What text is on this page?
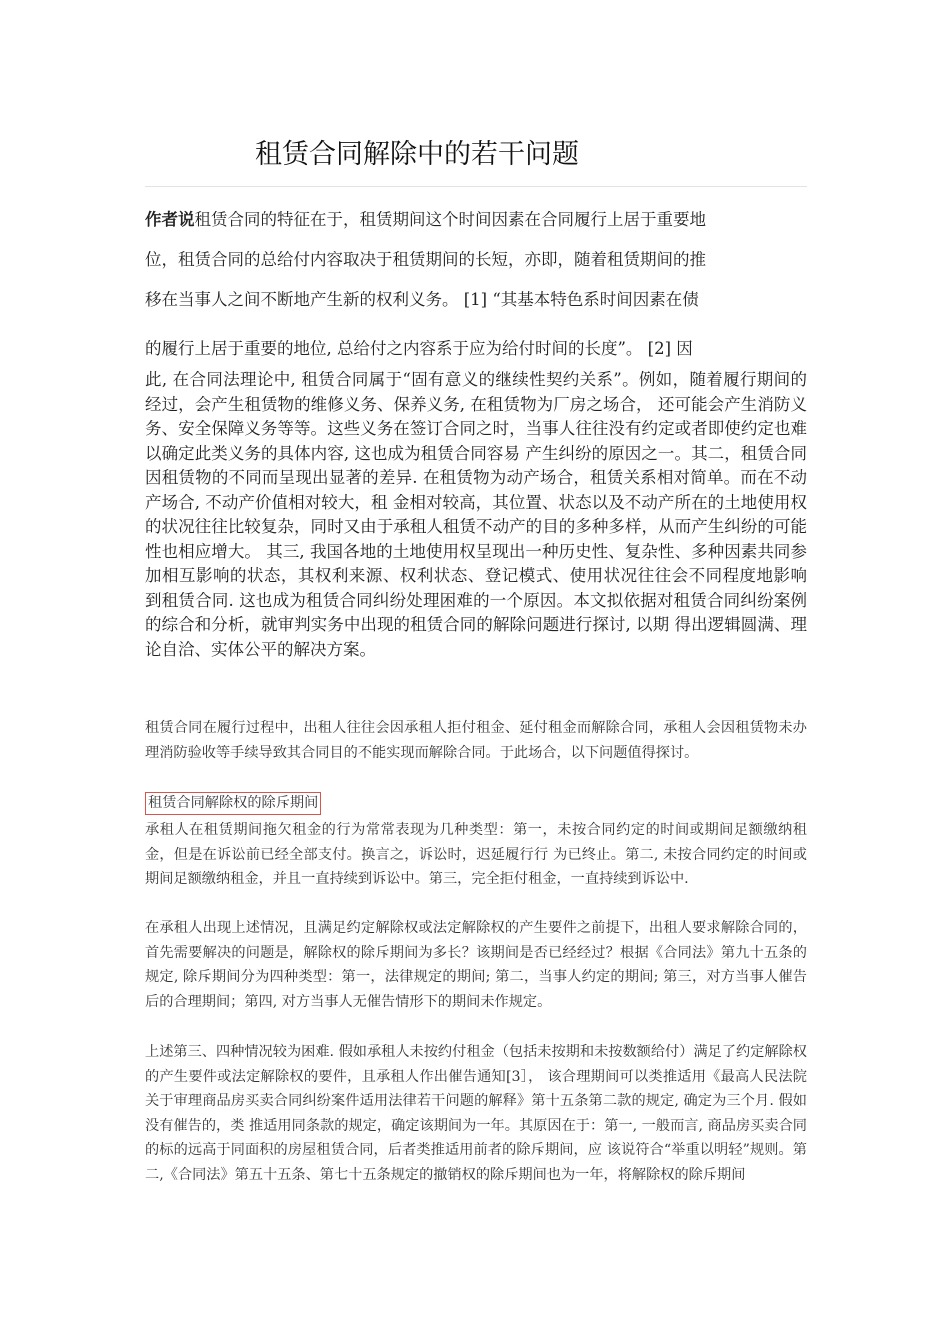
租赁合同解除中的若干问题
作者说租赁合同的特征在于，租赁期间这个时间因素在合同履行上居于重要地
位，租赁合同的总给付内容取决于租赁期间的长短，亦即，随着租赁期间的推
移在当事人之间不断地产生新的权利义务。 [1] “其基本特色系时间因素在债
的履行上居于重要的地位, 总给付之内容系于应为给付时间的长度”。 [2] 因

此, 在合同法理论中, 租赁合同属于“固有意义的继续性契约关系”。例如，随着履行期间的经过，会产生租赁物的维修义务、保养义务, 在租赁物为厂房之场合， 还可能会产生消防义务、安全保障义务等等。这些义务在签订合同之时，当事人往往没有约定或者即使约定也难以确定此类义务的具体内容, 这也成为租赁合同容易 产生纠纷的原因之一。其二，租赁合同因租赁物的不同而呈现出显著的差异. 在租赁物为动产场合，租赁关系相对简单。而在不动产场合, 不动产价值相对较大，租 金相对较高，其位置、状态以及不动产所在的土地使用权的状况往往比较复杂，同时又由于承租人租赁不动产的目的多种多样，从而产生纠纷的可能性也相应增大。 其三, 我国各地的土地使用权呈现出一种历史性、复杂性、多种因素共同参加相互影响的状态，其权利来源、权利状态、登记模式、使用状况往往会不同程度地影响 到租赁合同. 这也成为租赁合同纠纷处理困难的一个原因。本文拟依据对租赁合同纠纷案例的综合和分析，就审判实务中出现的租赁合同的解除问题进行探讨, 以期 得出逻辑圆满、理论自洽、实体公平的解决方案。

租赁合同在履行过程中，出租人往往会因承租人拒付租金、延付租金而解除合同，承租人会因租赁物未办理消防验收等手续导致其合同目的不能实现而解除合同。于此场合，以下问题值得探讨。

租赁合同解除权的除斥期间

承租人在租赁期间拖欠租金的行为常常表现为几种类型：第一，未按合同约定的时间或期间足额缴纳租金，但是在诉讼前已经全部支付。换言之，诉讼时，迟延履行行 为已终止。第二, 未按合同约定的时间或期间足额缴纳租金，并且一直持续到诉讼中。第三，完全拒付租金，一直持续到诉讼中.

在承租人出现上述情况，且满足约定解除权或法定解除权的产生要件之前提下，出租人要求解除合同的，首先需要解决的问题是，解除权的除斥期间为多长？该期间是否已经经过？根据《合同法》第九十五条的规定, 除斥期间分为四种类型：第一，法律规定的期间; 第二，当事人约定的期间; 第三，对方当事人催告后的合理期间；第四, 对方当事人无催告情形下的期间未作规定。

上述第三、四种情况较为困难. 假如承租人未按约付租金（包括未按期和未按数额给付）满足了约定解除权的产生要件或法定解除权的要件，且承租人作出催告通知[3］， 该合理期间可以类推适用《最高人民法院关于审理商品房买卖合同纠纷案件适用法律若干问题的解释》第十五条第二款的规定, 确定为三个月. 假如没有催告的，类 推适用同条款的规定，确定该期间为一年。其原因在于：第一, 一般而言, 商品房买卖合同的标的远高于同面积的房屋租赁合同，后者类推适用前者的除斥期间，应 该说符合“举重以明轻”规则。第二,《合同法》第五十五条、第七十五条规定的撤销权的除斥期间也为一年，将解除权的除斥期间
